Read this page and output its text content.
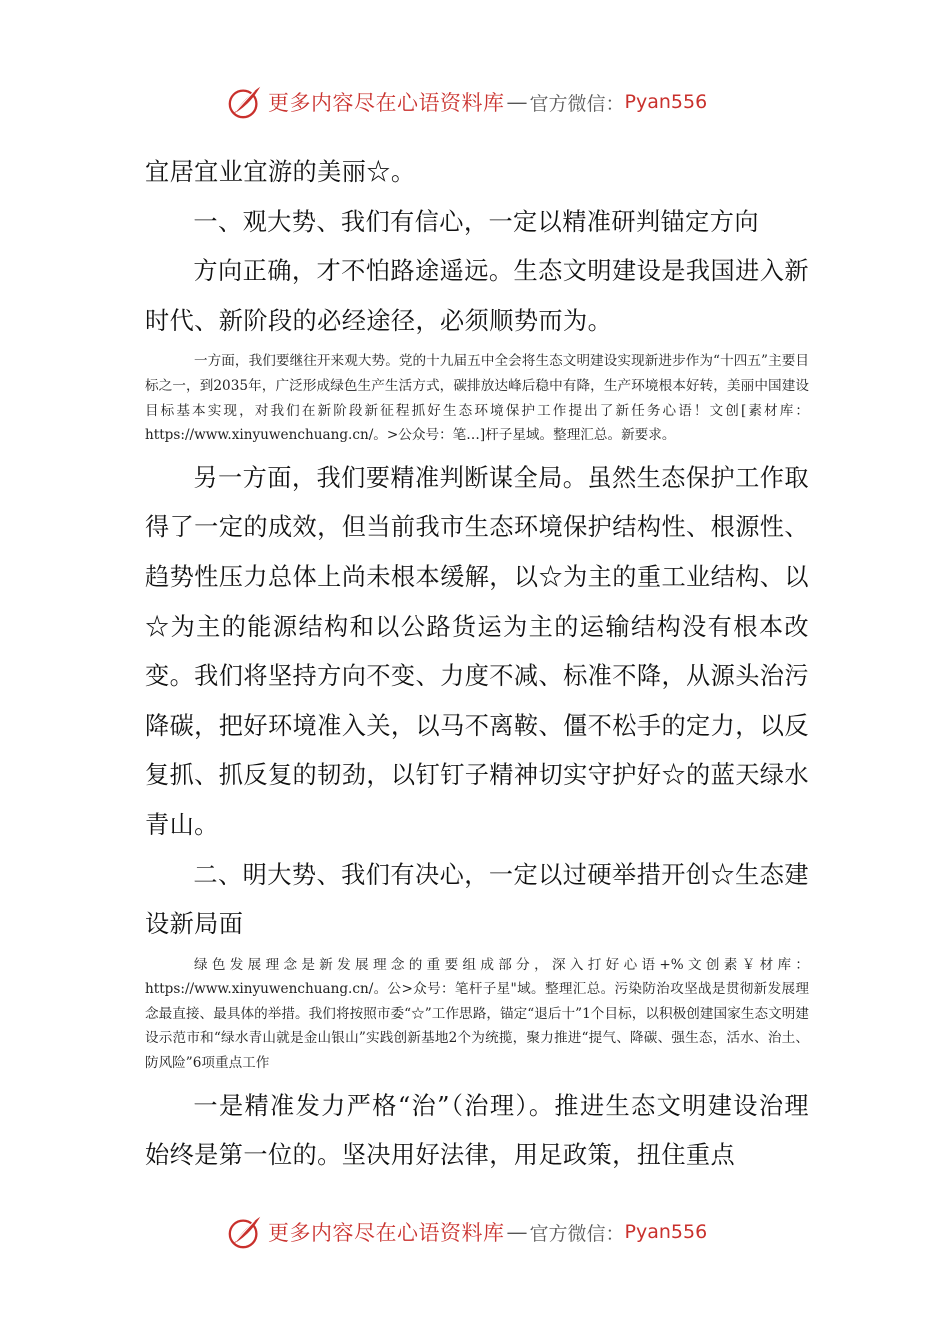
更多内容尽在心语资料库 — 官方微信： Pyan556

宜居宜业宜游的美丽☆。

一、观大势、我们有信心，一定以精准研判锚定方向

方向正确，才不怕路途遥远。生态文明建设是我国进入新时代、新阶段的必经途径，必须顺势而为。

一方面，我们要继往开来观大势。党的十九届五中全会将生态文明建设实现新进步作为“十四五”主要目标之一，到2035年，广泛形成绿色生产生活方式，碳排放达峰后稳中有降，生产环境根本好转，美丽中国建设目标基本实现，对我们在新阶段新征程抓好生态环境保护工作提出了新任务心语！文创[素材库：https://www.xinyuwenchuang.cn/。>公众号：笔…]杆子星域。整理汇总。新要求。

另一方面，我们要精准判断谋全局。虽然生态保护工作取得了一定的成效，但当前我市生态环境保护结构性、根源性、趋势性压力总体上尚未根本缓解，以☆为主的重工业结构、以☆为主的能源结构和以公路货运为主的运输结构没有根本改变。我们将坚持方向不变、力度不减、标准不降，从源头治污降碳，把好环境准入关，以马不离鞍、僵不松手的定力，以反复抓、抓反复的韧劲，以钉钉子精神切实守护好☆的蓝天绿水青山。

二、明大势、我们有决心，一定以过硬举措开创☆生态建设新局面

绿色发展理念是新发展理念的重要组成部分，深入打好心语+%文创素￥材库：https://www.xinyuwenchuang.cn/。公>众号：笔杆子星"域。整理汇总。污染防治攻坚战是贯彻新发展理念最直接、最具体的举措。我们将按照市委“☆”工作思路，锚定“退后十”1个目标，以积极创建国家生态文明建设示范市和“绿水青山就是金山银山”实践创新基地2个为统揽，聚力推进“提气、降碳、强生态，活水、治土、防风险”6项重点工作

一是精准发力严格“治”（治理）。推进生态文明建设治理始终是第一位的。坚决用好法律，用足政策，扭住重点

更多内容尽在心语资料库 — 官方微信： Pyan556
